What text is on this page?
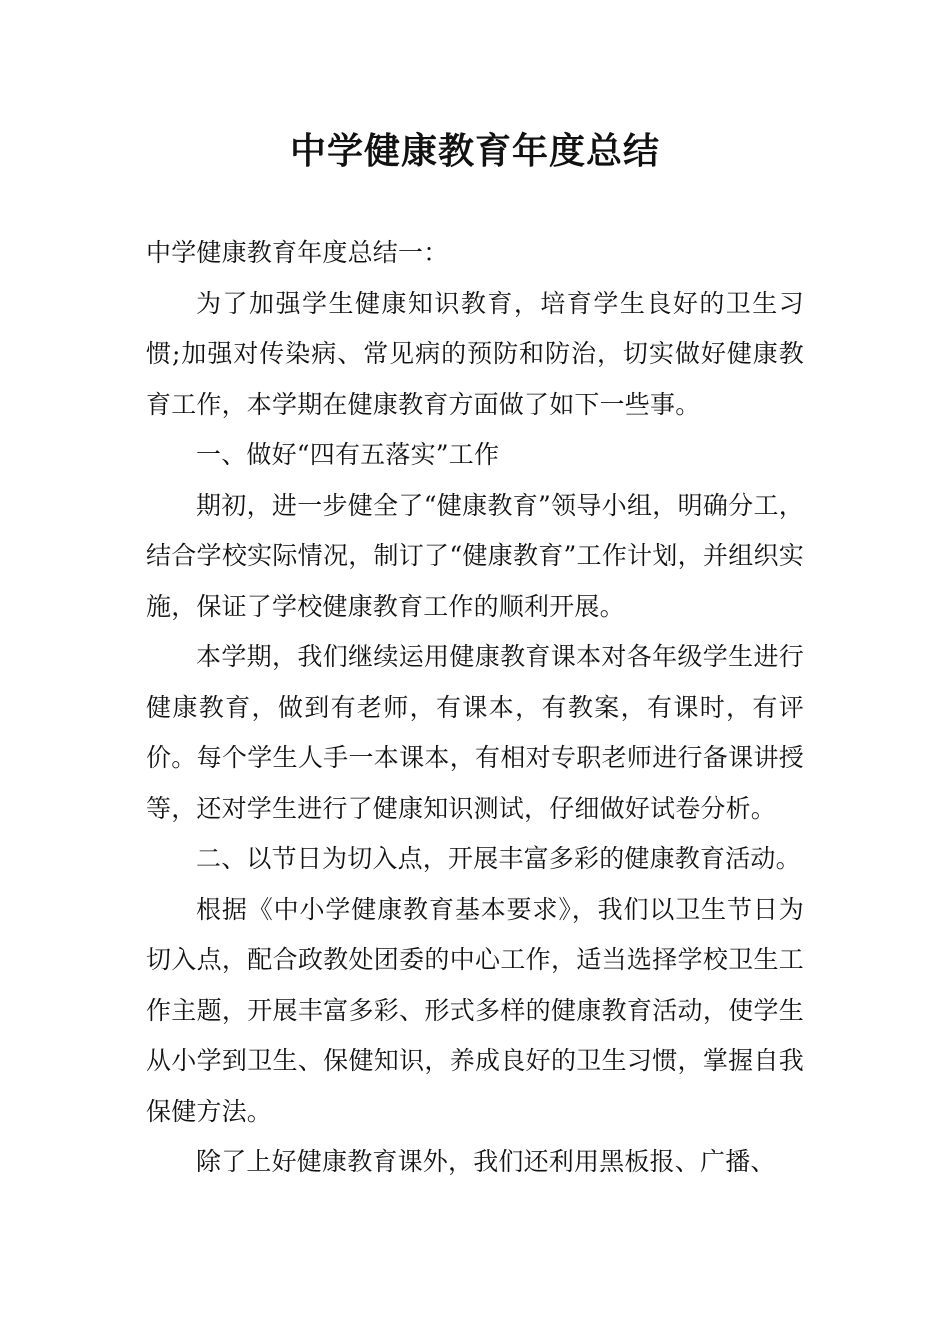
中学健康教育年度总结

中学健康教育年度总结一：

为了加强学生健康知识教育，培育学生良好的卫生习惯;加强对传染病、常见病的预防和防治，切实做好健康教育工作，本学期在健康教育方面做了如下一些事。

一、做好“四有五落实”工作

期初，进一步健全了“健康教育”领导小组，明确分工，结合学校实际情况，制订了“健康教育”工作计划，并组织实施，保证了学校健康教育工作的顺利开展。

本学期，我们继续运用健康教育课本对各年级学生进行健康教育，做到有老师，有课本，有教案，有课时，有评价。每个学生人手一本课本，有相对专职老师进行备课讲授等，还对学生进行了健康知识测试，仔细做好试卷分析。

二、以节日为切入点，开展丰富多彩的健康教育活动。

根据《中小学健康教育基本要求》，我们以卫生节日为切入点，配合政教处团委的中心工作，适当选择学校卫生工作主题，开展丰富多彩、形式多样的健康教育活动，使学生从小学到卫生、保健知识，养成良好的卫生习惯，掌握自我保健方法。

除了上好健康教育课外，我们还利用黑板报、广播、
